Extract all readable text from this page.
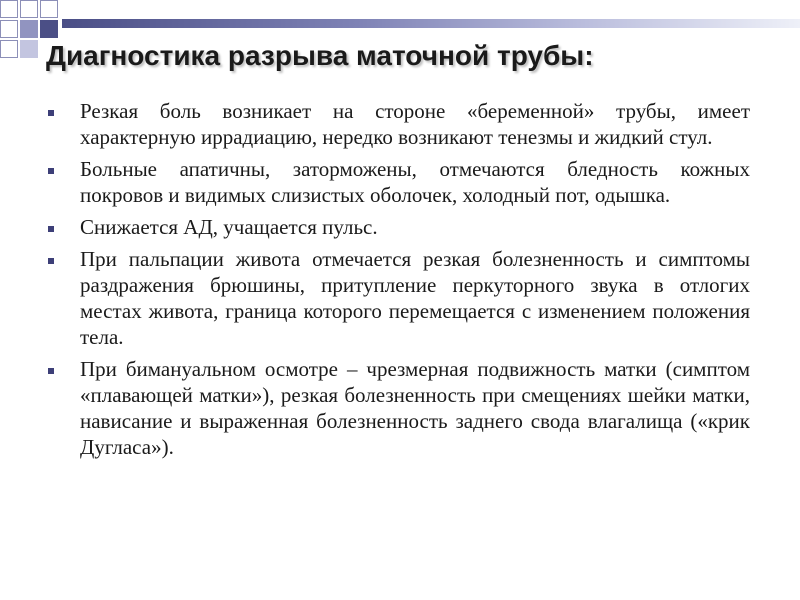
Диагностика разрыва маточной трубы:
Резкая боль возникает на стороне «беременной» трубы, имеет характерную иррадиацию, нередко возникают тенезмы и жидкий стул.
Больные апатичны, заторможены, отмечаются бледность кожных покровов и видимых слизистых оболочек, холодный пот, одышка.
Снижается АД, учащается пульс.
При пальпации живота отмечается резкая болезненность и симптомы раздражения брюшины, притупление перкуторного звука в отлогих местах живота, граница которого перемещается с изменением положения тела.
При бимануальном осмотре – чрезмерная подвижность матки (симптом «плавающей матки»), резкая болезненность при смещениях шейки матки, нависание и выраженная болезненность заднего свода влагалища («крик Дугласа»).
